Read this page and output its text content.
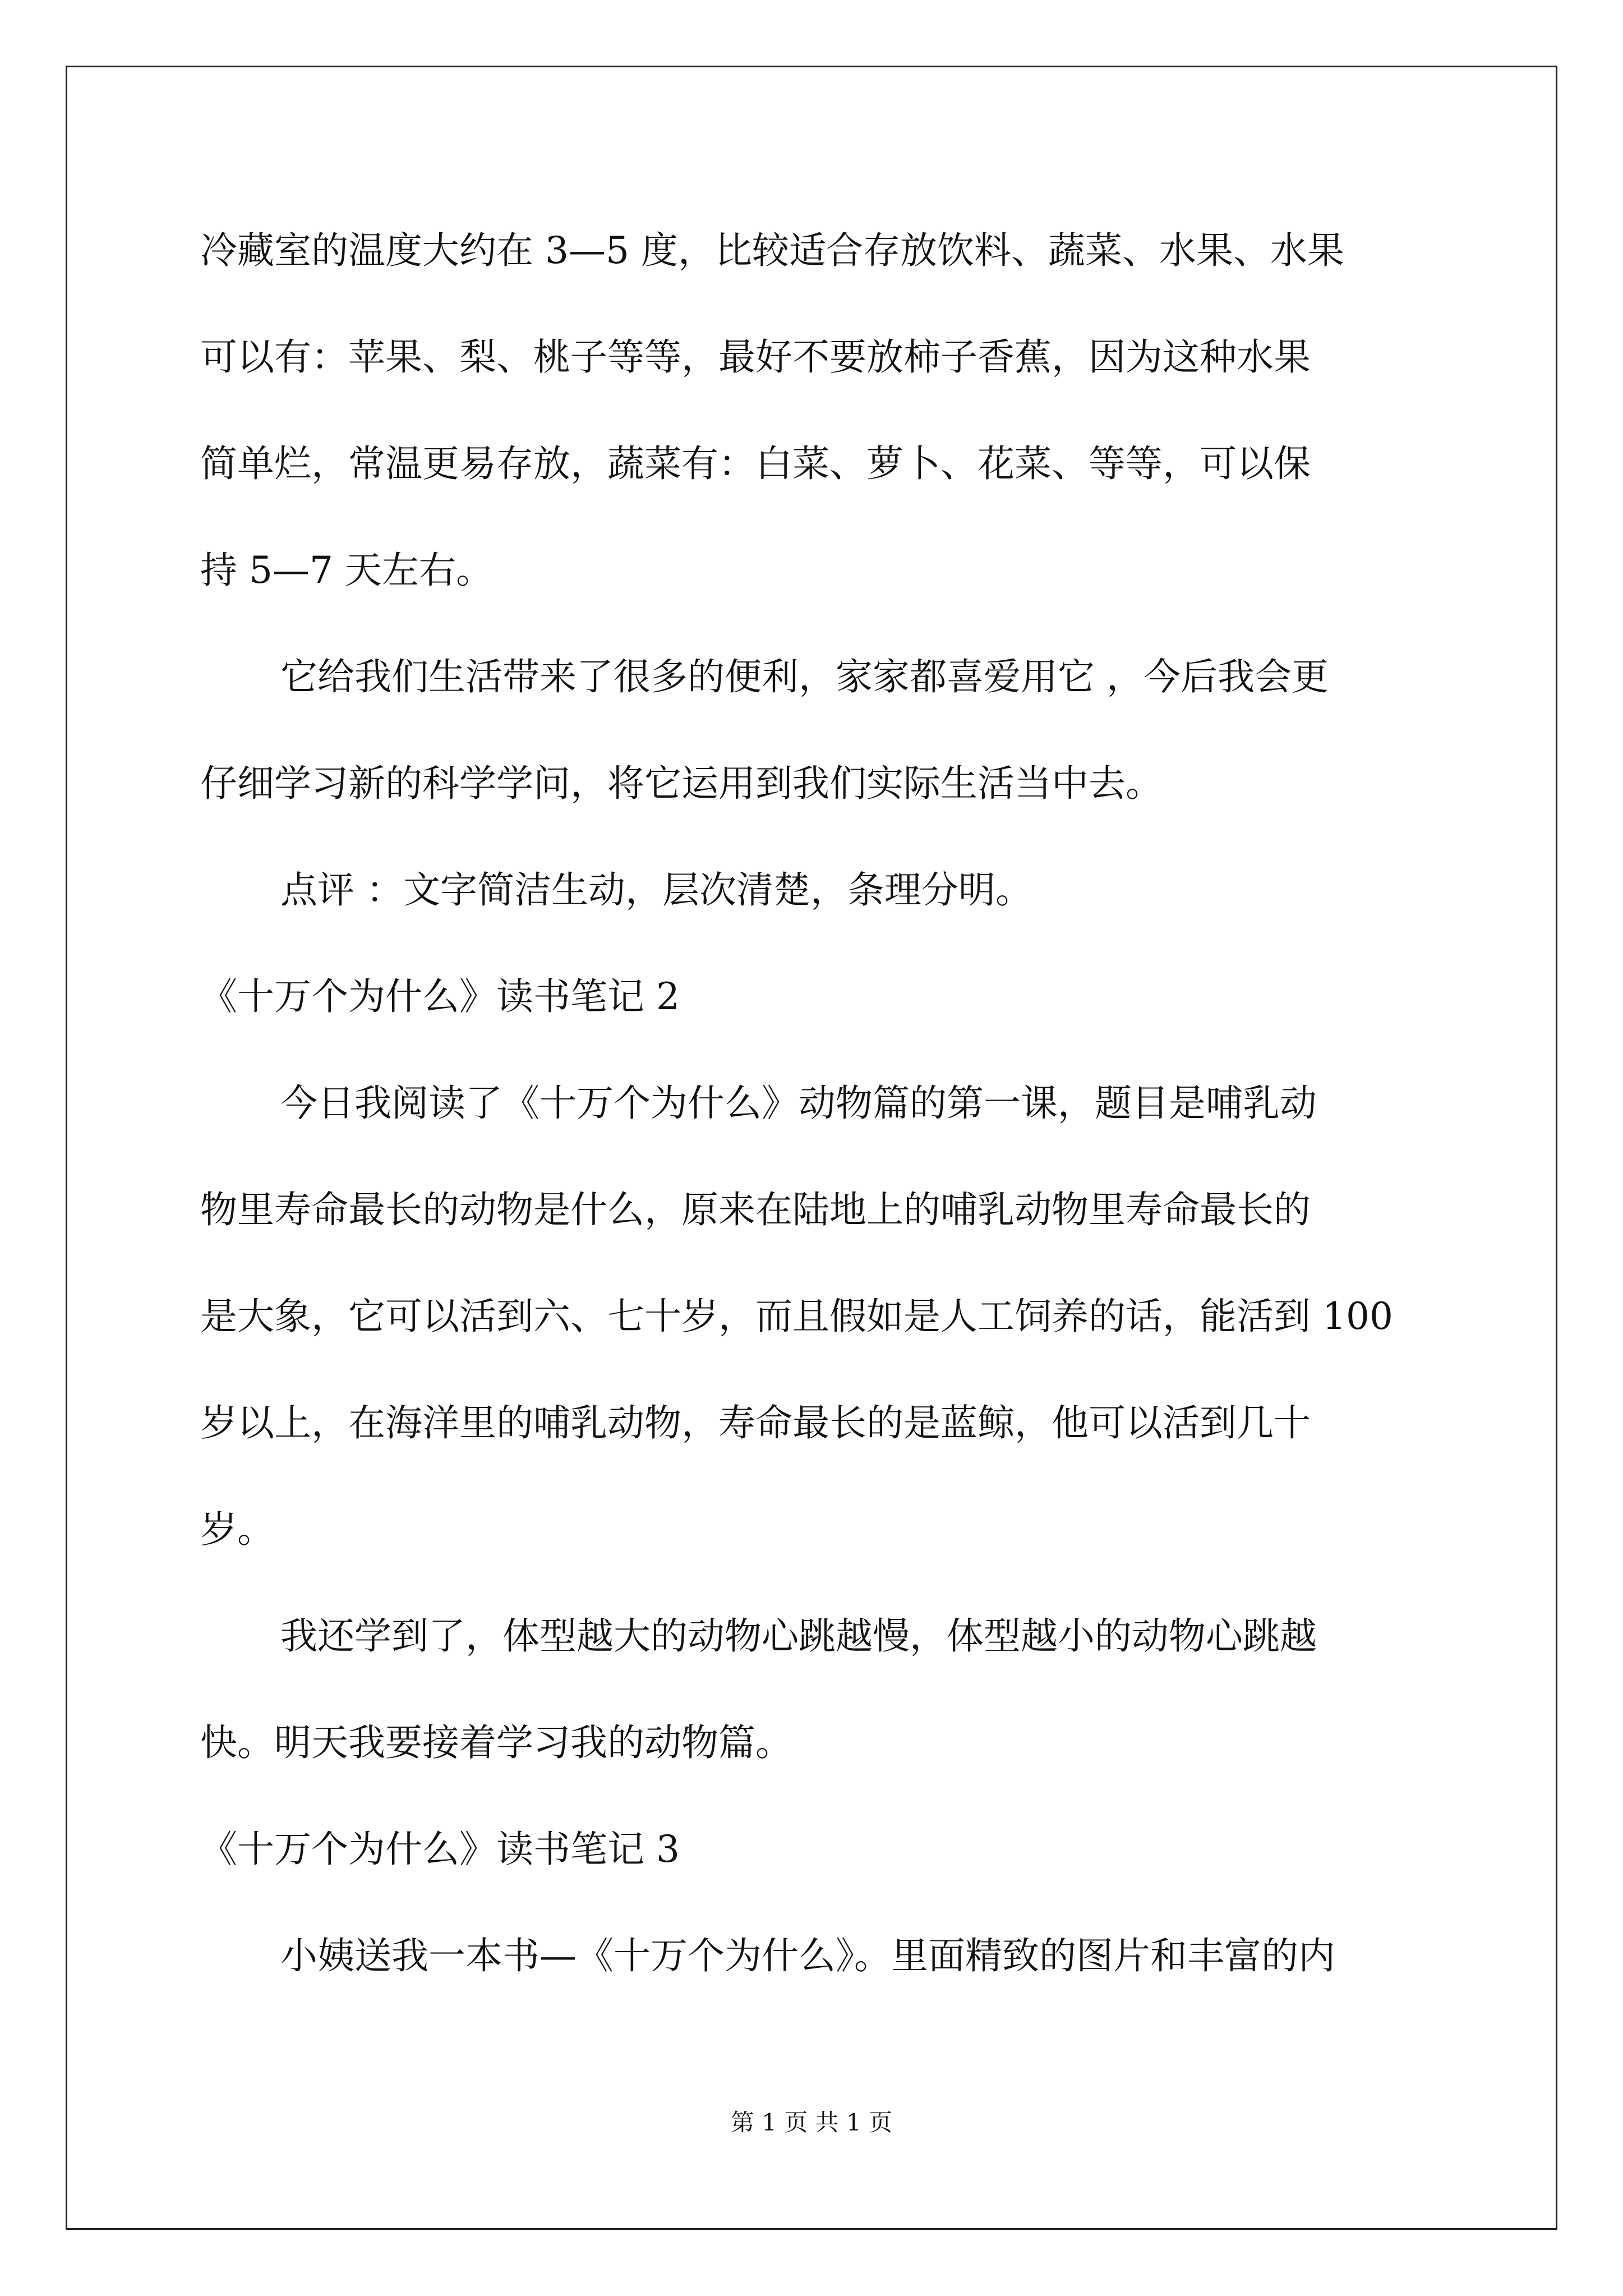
冷藏室的温度大约在 3—5 度，比较适合存放饮料、蔬菜、水果、水果
可以有：苹果、梨、桃子等等，最好不要放柿子香蕉，因为这种水果
简单烂，常温更易存放，蔬菜有：白菜、萝卜、花菜、等等，可以保
持 5—7 天左右。
它给我们生活带来了很多的便利，家家都喜爱用它 ，今后我会更
仔细学习新的科学学问，将它运用到我们实际生活当中去。
点评 ：文字简洁生动，层次清楚，条理分明。
《十万个为什么》读书笔记 2
今日我阅读了《十万个为什么》动物篇的第一课，题目是哺乳动
物里寿命最长的动物是什么，原来在陆地上的哺乳动物里寿命最长的
是大象，它可以活到六、七十岁，而且假如是人工饲养的话，能活到 100
岁以上，在海洋里的哺乳动物，寿命最长的是蓝鲸，他可以活到几十
岁。
我还学到了，体型越大的动物心跳越慢，体型越小的动物心跳越
快。明天我要接着学习我的动物篇。
《十万个为什么》读书笔记 3
小姨送我一本书—《十万个为什么》。里面精致的图片和丰富的内
第 1 页 共 1 页
